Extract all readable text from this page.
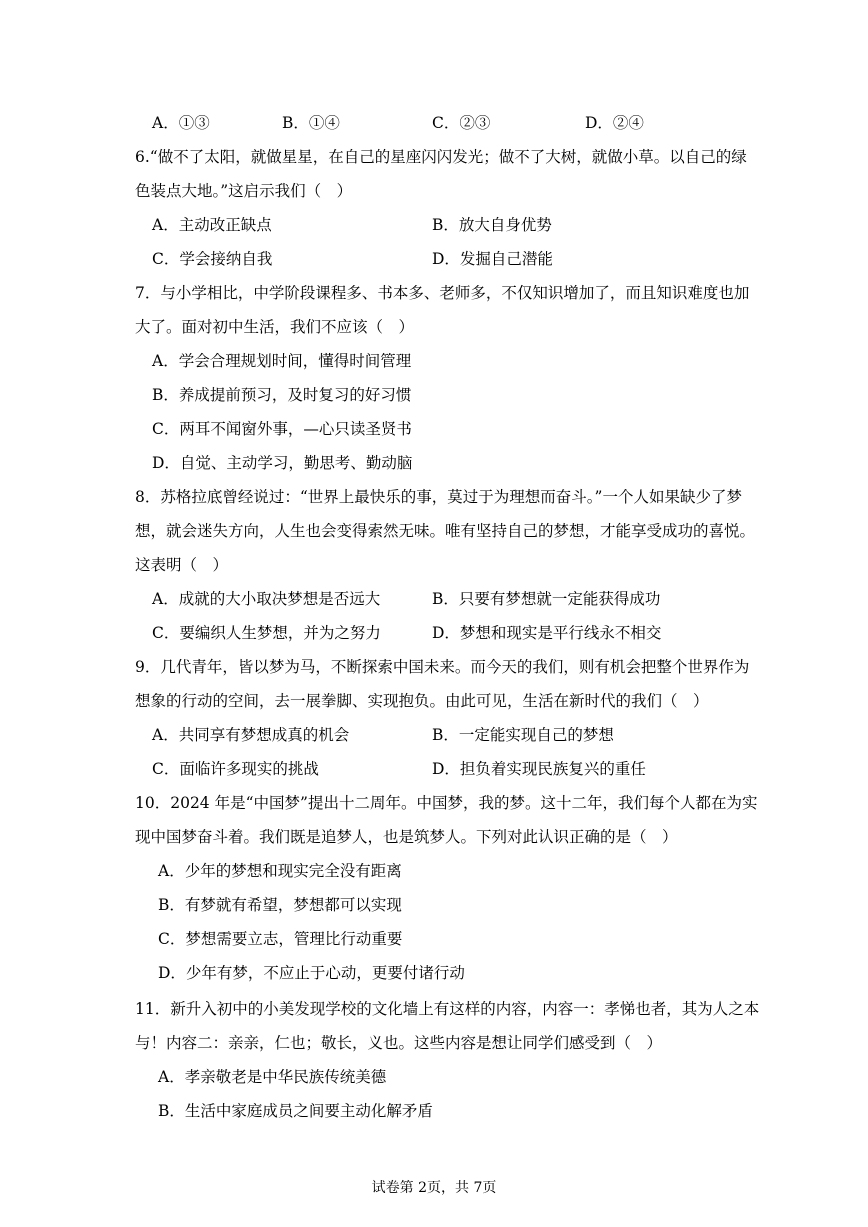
A．①③	B．①④	C．②③	D．②④
6.“做不了太阳，就做星星，在自己的星座闪闪发光；做不了大树，就做小草。以自己的绿
色装点大地。”这启示我们（　）
A．主动改正缺点	B．放大自身优势
C．学会接纳自我	D．发掘自己潜能
7．与小学相比，中学阶段课程多、书本多、老师多，不仅知识增加了，而且知识难度也加
大了。面对初中生活，我们不应该（　）
A．学会合理规划时间，懂得时间管理
B．养成提前预习，及时复习的好习惯
C．两耳不闻窗外事，—心只读圣贤书
D．自觉、主动学习，勤思考、勤动脑
8．苏格拉底曾经说过：“世界上最快乐的事，莫过于为理想而奋斗。”一个人如果缺少了梦
想，就会迷失方向，人生也会变得索然无味。唯有坚持自己的梦想，才能享受成功的喜悦。
这表明（　）
A．成就的大小取决梦想是否远大	B．只要有梦想就一定能获得成功
C．要编织人生梦想，并为之努力	D．梦想和现实是平行线永不相交
9．几代青年，皆以梦为马，不断探索中国未来。而今天的我们，则有机会把整个世界作为
想象的行动的空间，去一展拳脚、实现抱负。由此可见，生活在新时代的我们（　）
A．共同享有梦想成真的机会	B．一定能实现自己的梦想
C．面临许多现实的挑战	D．担负着实现民族复兴的重任
10．2024 年是“中国梦”提出十二周年。中国梦，我的梦。这十二年，我们每个人都在为实
现中国梦奋斗着。我们既是追梦人，也是筑梦人。下列对此认识正确的是（　）
A．少年的梦想和现实完全没有距离
B．有梦就有希望，梦想都可以实现
C．梦想需要立志，管理比行动重要
D．少年有梦，不应止于心动，更要付诸行动
11．新升入初中的小美发现学校的文化墙上有这样的内容，内容一：孝悌也者，其为人之本
与！内容二：亲亲，仁也；敬长，义也。这些内容是想让同学们感受到（　）
A．孝亲敬老是中华民族传统美德
B．生活中家庭成员之间要主动化解矛盾
试卷第 2页，共 7页
